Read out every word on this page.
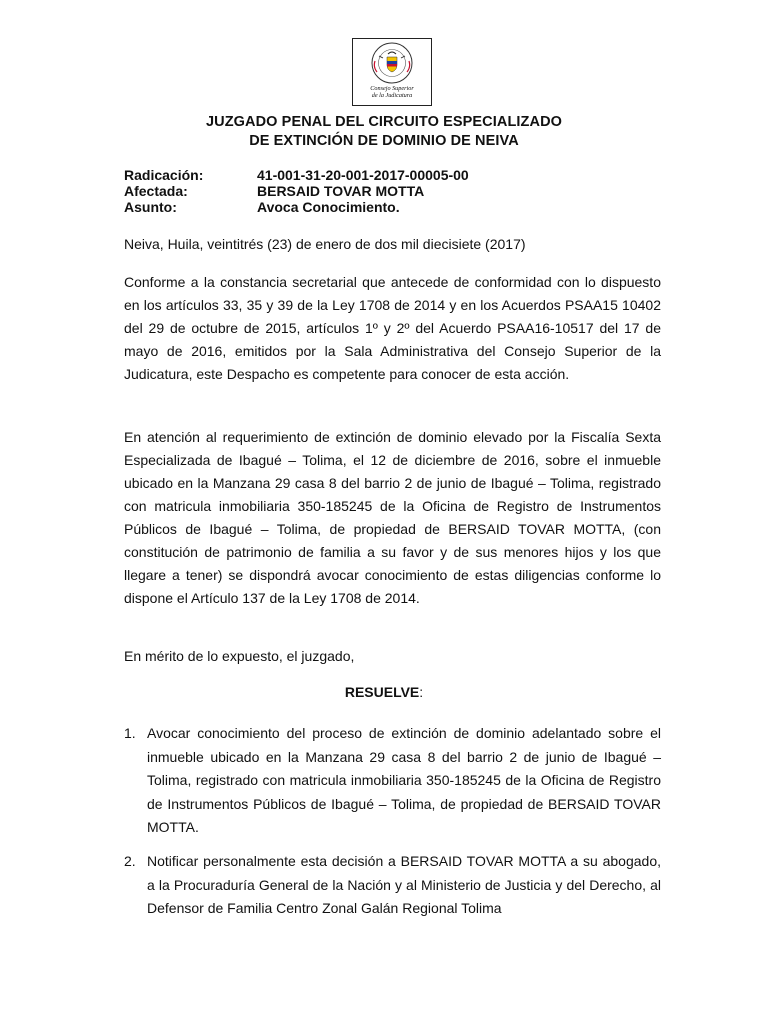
Consejo Superior
de la Judicatura
JUZGADO PENAL DEL CIRCUITO ESPECIALIZADO
DE EXTINCIÓN DE DOMINIO DE NEIVA
Radicación:	41-001-31-20-001-2017-00005-00
Afectada:	BERSAID TOVAR MOTTA
Asunto:	Avoca Conocimiento.
Neiva, Huila, veintitrés (23) de enero de dos mil diecisiete (2017)
Conforme a la constancia secretarial que antecede de conformidad con lo dispuesto en los artículos 33, 35 y 39 de la Ley 1708 de 2014 y en los Acuerdos PSAA15 10402 del 29 de octubre de 2015, artículos 1º y 2º del Acuerdo PSAA16-10517 del 17 de mayo de 2016, emitidos por la Sala Administrativa del Consejo Superior de la Judicatura, este Despacho es competente para conocer de esta acción.
En atención al requerimiento de extinción de dominio elevado por la Fiscalía Sexta Especializada de Ibagué – Tolima, el 12 de diciembre de 2016, sobre el inmueble ubicado en la Manzana 29 casa 8 del barrio 2 de junio de Ibagué – Tolima, registrado con matricula inmobiliaria 350-185245 de la Oficina de Registro de Instrumentos Públicos de Ibagué – Tolima, de propiedad de BERSAID TOVAR MOTTA, (con constitución de patrimonio de familia a su favor y de sus menores hijos y los que llegare a tener) se dispondrá avocar conocimiento de estas diligencias conforme lo dispone el Artículo 137 de la Ley 1708 de 2014.
En mérito de lo expuesto, el juzgado,
RESUELVE:
1. Avocar conocimiento del proceso de extinción de dominio adelantado sobre el inmueble ubicado en la Manzana 29 casa 8 del barrio 2 de junio de Ibagué – Tolima, registrado con matricula inmobiliaria 350-185245 de la Oficina de Registro de Instrumentos Públicos de Ibagué – Tolima, de propiedad de BERSAID TOVAR MOTTA.
2. Notificar personalmente esta decisión a BERSAID TOVAR MOTTA a su abogado, a la Procuraduría General de la Nación y al Ministerio de Justicia y del Derecho, al Defensor de Familia Centro Zonal Galán Regional Tolima
